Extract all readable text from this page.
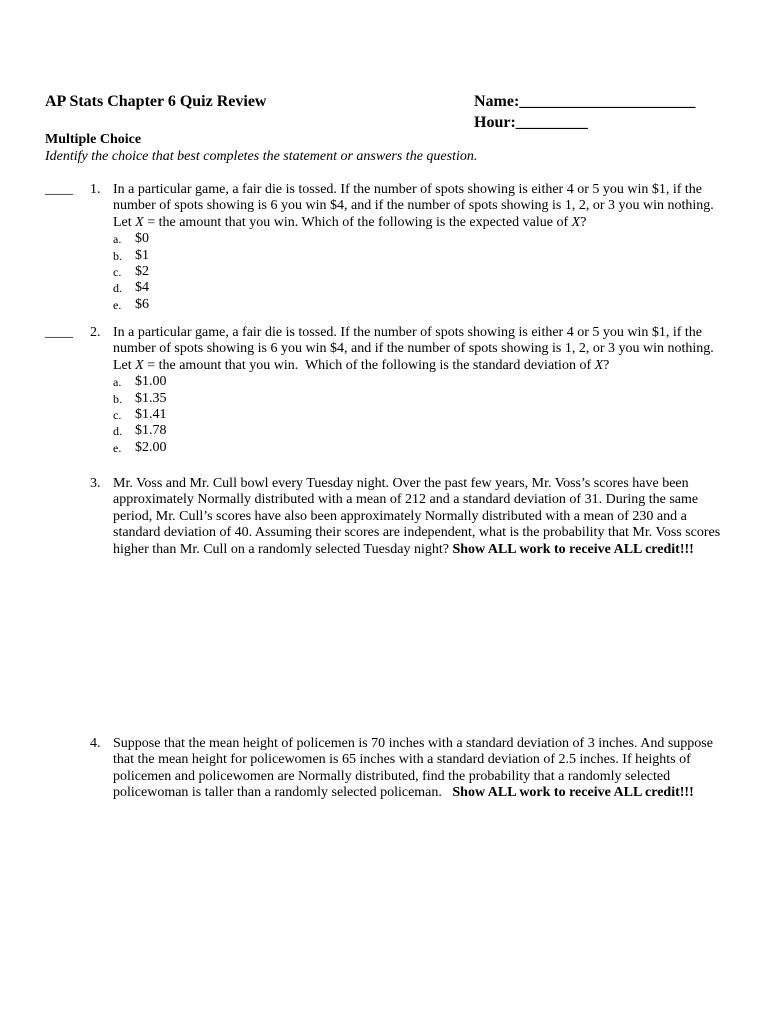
AP Stats Chapter 6 Quiz Review	Name:______________________
Hour:_________
Multiple Choice
Identify the choice that best completes the statement or answers the question.
____ 1. In a particular game, a fair die is tossed. If the number of spots showing is either 4 or 5 you win $1, if the
number of spots showing is 6 you win $4, and if the number of spots showing is 1, 2, or 3 you win nothing.
Let X = the amount that you win. Which of the following is the expected value of X?
a. $0
b. $1
c. $2
d. $4
e. $6
____ 2. In a particular game, a fair die is tossed. If the number of spots showing is either 4 or 5 you win $1, if the
number of spots showing is 6 you win $4, and if the number of spots showing is 1, 2, or 3 you win nothing.
Let X = the amount that you win.  Which of the following is the standard deviation of X?
a. $1.00
b. $1.35
c. $1.41
d. $1.78
e. $2.00
3. Mr. Voss and Mr. Cull bowl every Tuesday night. Over the past few years, Mr. Voss’s scores have been
approximately Normally distributed with a mean of 212 and a standard deviation of 31. During the same
period, Mr. Cull’s scores have also been approximately Normally distributed with a mean of 230 and a
standard deviation of 40. Assuming their scores are independent, what is the probability that Mr. Voss scores
higher than Mr. Cull on a randomly selected Tuesday night? Show ALL work to receive ALL credit!!!
4. Suppose that the mean height of policemen is 70 inches with a standard deviation of 3 inches. And suppose
that the mean height for policewomen is 65 inches with a standard deviation of 2.5 inches. If heights of
policemen and policewomen are Normally distributed, find the probability that a randomly selected
policewoman is taller than a randomly selected policeman. Show ALL work to receive ALL credit!!!
